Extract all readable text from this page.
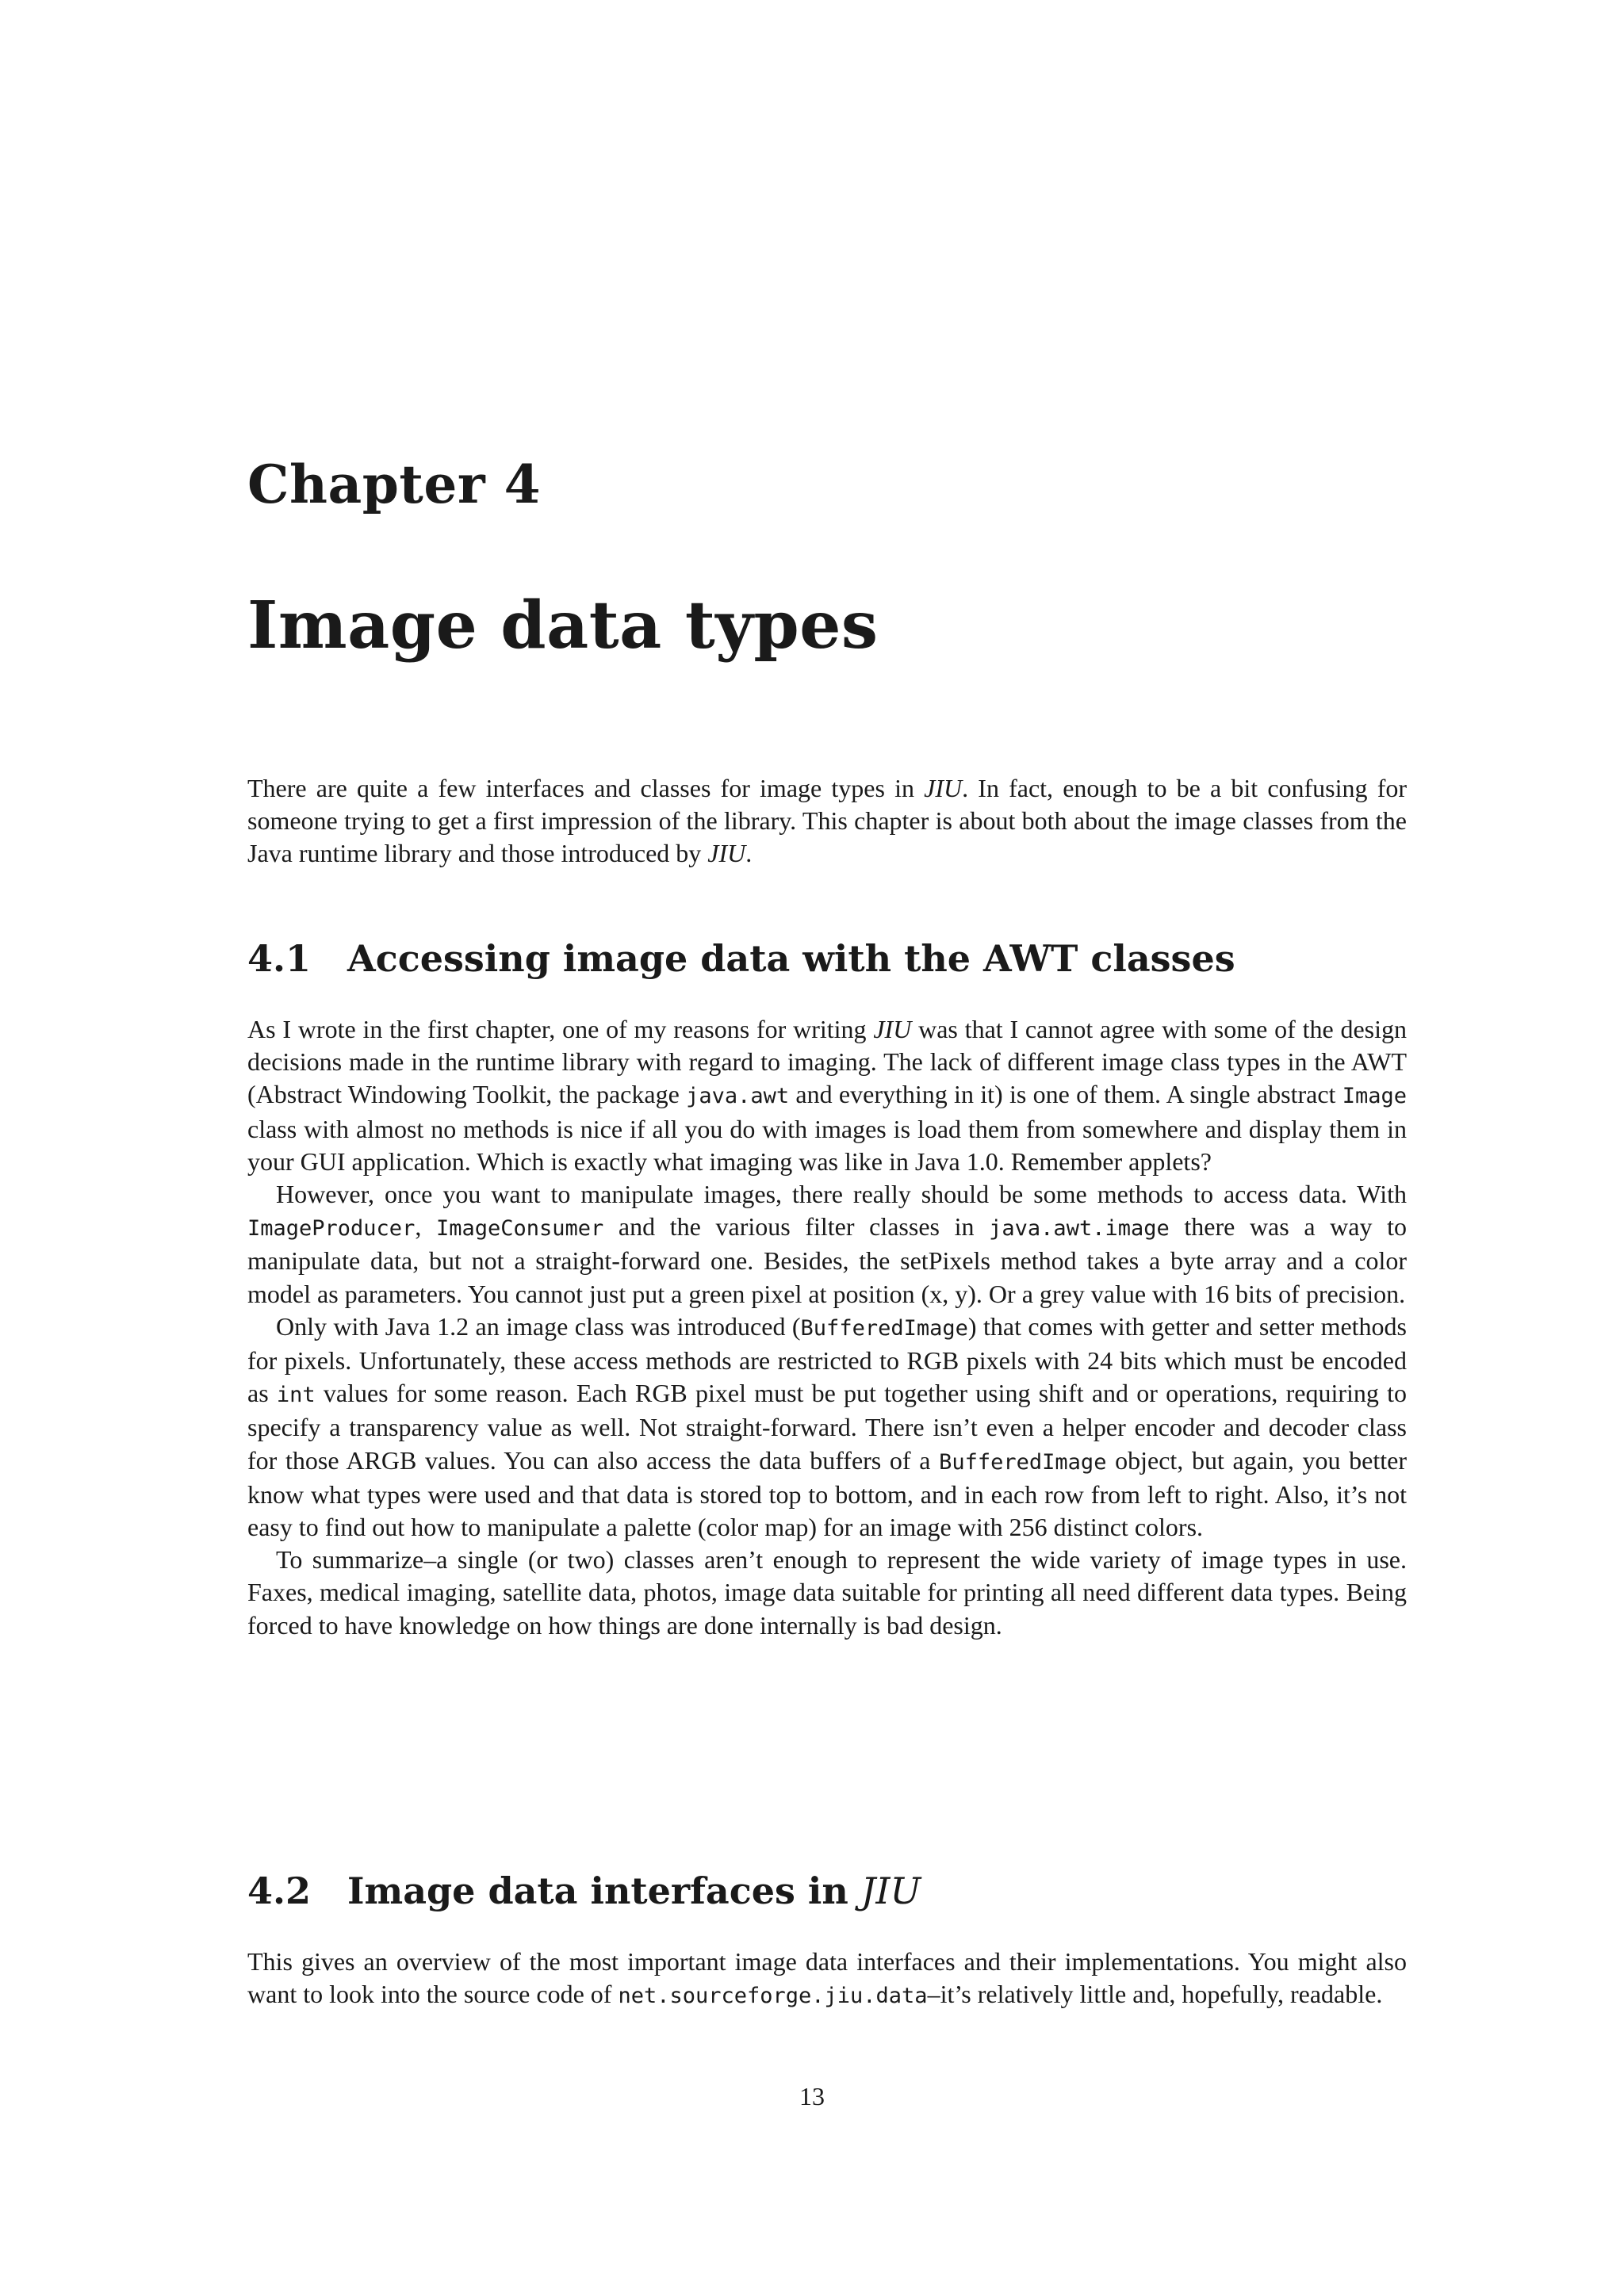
Chapter 4
Image data types

There are quite a few interfaces and classes for image types in JIU. In fact, enough to be a bit confusing for someone trying to get a first impression of the library. This chapter is about both about the image classes from the Java runtime library and those introduced by JIU.

4.1 Accessing image data with the AWT classes

As I wrote in the first chapter, one of my reasons for writing JIU was that I cannot agree with some of the design decisions made in the runtime library with regard to imaging. The lack of different image class types in the AWT (Abstract Windowing Toolkit, the package java.awt and everything in it) is one of them. A single abstract Image class with almost no methods is nice if all you do with images is load them from somewhere and display them in your GUI application. Which is exactly what imaging was like in Java 1.0. Remember applets?

However, once you want to manipulate images, there really should be some methods to access data. With ImageProducer, ImageConsumer and the various filter classes in java.awt.image there was a way to manipulate data, but not a straight-forward one. Besides, the setPixels method takes a byte array and a color model as parameters. You cannot just put a green pixel at position (x, y). Or a grey value with 16 bits of precision.

Only with Java 1.2 an image class was introduced (BufferedImage) that comes with getter and setter methods for pixels. Unfortunately, these access methods are restricted to RGB pixels with 24 bits which must be encoded as int values for some reason. Each RGB pixel must be put together using shift and or operations, requiring to specify a transparency value as well. Not straight-forward. There isn’t even a helper encoder and decoder class for those ARGB values. You can also access the data buffers of a BufferedImage object, but again, you better know what types were used and that data is stored top to bottom, and in each row from left to right. Also, it’s not easy to find out how to manipulate a palette (color map) for an image with 256 distinct colors.

To summarize–a single (or two) classes aren’t enough to represent the wide variety of image types in use. Faxes, medical imaging, satellite data, photos, image data suitable for printing all need different data types. Being forced to have knowledge on how things are done internally is bad design.

4.2 Image data interfaces in JIU

This gives an overview of the most important image data interfaces and their implementations. You might also want to look into the source code of net.sourceforge.jiu.data–it’s relatively little and, hopefully, readable.

13
